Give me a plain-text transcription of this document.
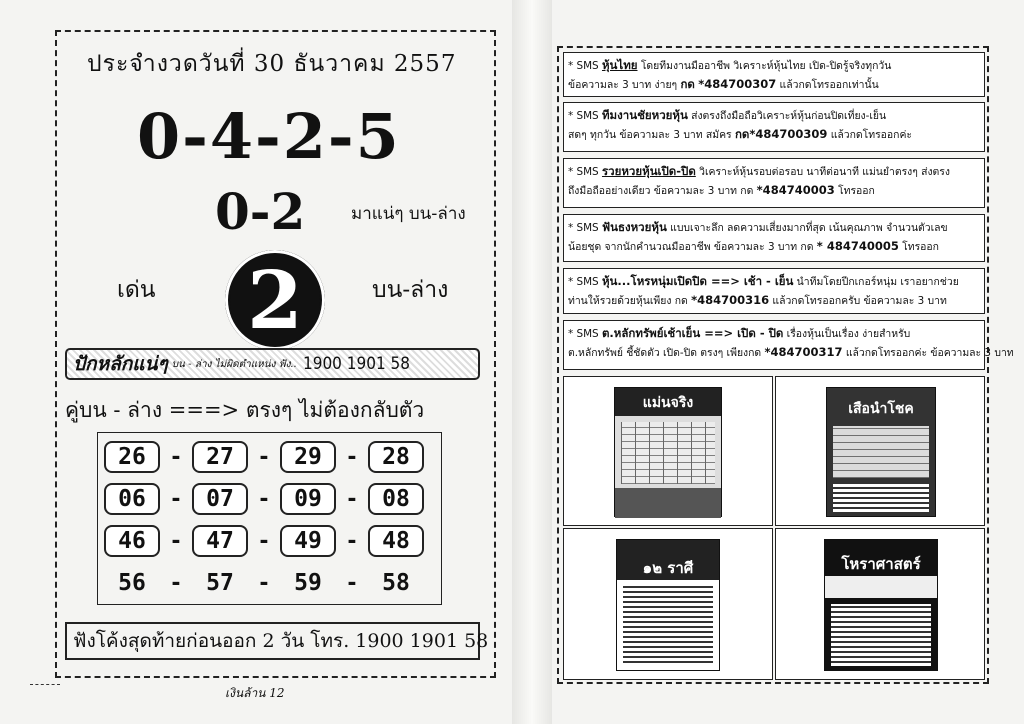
ประจำงวดวันที่ 30 ธันวาคม 2557
0-4-2-5
0-2	มาแน่ๆ บน-ล่าง
เด่น 2	บน-ล่าง
ปักหลักแน่ๆ บน - ล่าง ไม่ผิดตำแหน่ง ฟัง.. 1900 1901 58
คู่บน - ล่าง ===> ตรงๆ ไม่ต้องกลับตัว
26	-	27	-	29	-	28
06	-	07	-	09	-	08
46	-	47	-	49	-	48
56	-	57	-	59	-	58
ฟังโค้งสุดท้ายก่อนออก 2 วัน โทร. 1900 1901 58
เงินล้าน 12
* SMS หุ้นไทย โดยทีมงานมืออาชีพ วิเคราะห์หุ้นไทย เปิด-ปิดรู้จริงทุกวัน
ข้อความละ 3 บาท ง่ายๆ กด *484700307 แล้วกดโทรออกเท่านั้น
* SMS ทีมงานชัยหวยหุ้น ส่งตรงถึงมือถือวิเคราะห์หุ้นก่อนปิดเที่ยง-เย็น
สดๆ ทุกวัน ข้อความละ 3 บาท สมัคร กด*484700309 แล้วกดโทรออกค่ะ
* SMS รวยหวยหุ้นเปิด-ปิด วิเคราะห์หุ้นรอบต่อรอบ นาทีต่อนาที แม่นยำตรงๆ ส่งตรง
ถึงมือถืออย่างเดียว ข้อความละ 3 บาท กด *484740003 โทรออก
* SMS ฟันธงหวยหุ้น แบบเจาะลึก ลดความเสี่ยงมากที่สุด เน้นคุณภาพ จำนวนตัวเลข
น้อยชุด จากนักคำนวณมืออาชีพ ข้อความละ 3 บาท กด * 484740005 โทรออก
* SMS หุ้น...โหรหนุ่มเปิดปิด ==> เช้า - เย็น นำทีมโดยปีกเกอร์หนุ่ม เราอยากช่วย
ท่านให้รวยด้วยหุ้นเพียง กด *484700316 แล้วกดโทรออกครับ ข้อความละ 3 บาท
* SMS ต.หลักทรัพย์เช้าเย็น ==> เปิด - ปิด เรื่องหุ้นเป็นเรื่อง ง่ายสำหรับ
ต.หลักทรัพย์ ชี้ชัดตัว เปิด-ปิด ตรงๆ เพียงกด *484700317 แล้วกดโทรออกค่ะ ข้อความละ 3 บาท
แม่นจริง	เสือนำโชค
๑๒ ราศี	โหราศาสตร์
